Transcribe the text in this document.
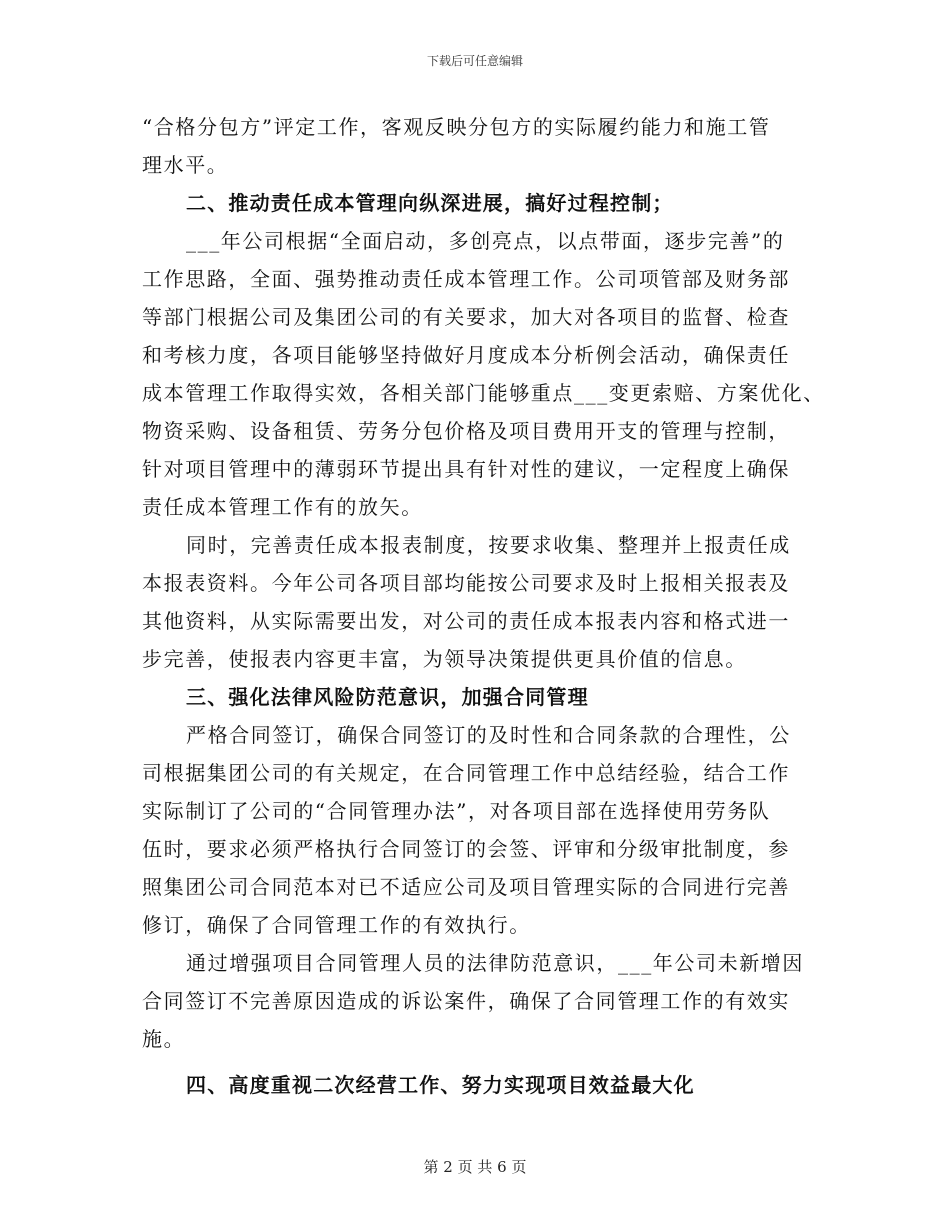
下载后可任意编辑
“合格分包方”评定工作，客观反映分包方的实际履约能力和施工管
理水平。
二、推动责任成本管理向纵深进展，搞好过程控制；
___年公司根据“全面启动，多创亮点，以点带面，逐步完善”的
工作思路，全面、强势推动责任成本管理工作。公司项管部及财务部
等部门根据公司及集团公司的有关要求，加大对各项目的监督、检查
和考核力度，各项目能够坚持做好月度成本分析例会活动，确保责任
成本管理工作取得实效，各相关部门能够重点___变更索赔、方案优化、
物资采购、设备租赁、劳务分包价格及项目费用开支的管理与控制，
针对项目管理中的薄弱环节提出具有针对性的建议，一定程度上确保
责任成本管理工作有的放矢。
同时，完善责任成本报表制度，按要求收集、整理并上报责任成
本报表资料。今年公司各项目部均能按公司要求及时上报相关报表及
其他资料，从实际需要出发，对公司的责任成本报表内容和格式进一
步完善，使报表内容更丰富，为领导决策提供更具价值的信息。
三、强化法律风险防范意识，加强合同管理
严格合同签订，确保合同签订的及时性和合同条款的合理性，公
司根据集团公司的有关规定，在合同管理工作中总结经验，结合工作
实际制订了公司的“合同管理办法”，对各项目部在选择使用劳务队
伍时，要求必须严格执行合同签订的会签、评审和分级审批制度，参
照集团公司合同范本对已不适应公司及项目管理实际的合同进行完善
修订，确保了合同管理工作的有效执行。
通过增强项目合同管理人员的法律防范意识，___年公司未新增因
合同签订不完善原因造成的诉讼案件，确保了合同管理工作的有效实
施。
四、高度重视二次经营工作、努力实现项目效益最大化
第 2 页 共 6 页
